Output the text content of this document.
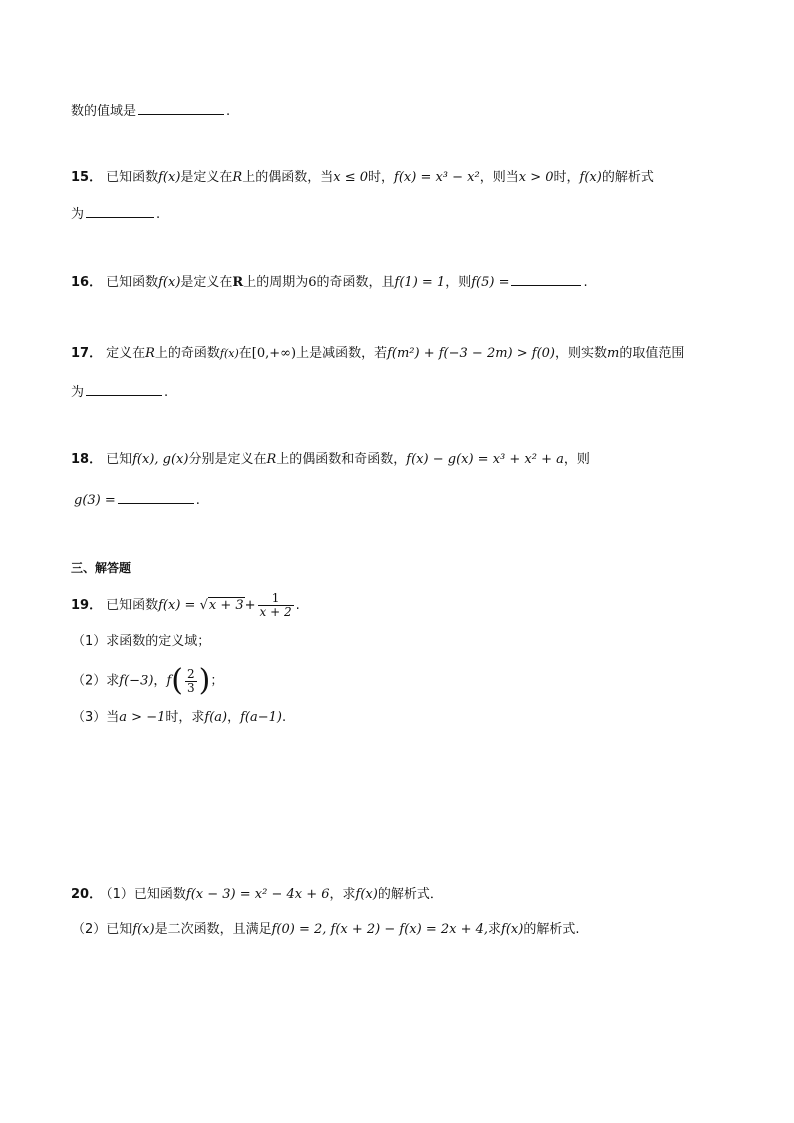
数的值域是	.
15． 已知函数f(x)是定义在R上的偶函数，当x ≤ 0时，f(x) = x³ − x²，则当x > 0时，f(x)的解析式
为	.
16． 已知函数f(x)是定义在R上的周期为6的奇函数，且f(1) = 1，则f(5) =	.
17． 定义在R上的奇函数f(x)在[0,+∞)上是减函数，若f(m²) + f(−3 − 2m) > f(0)，则实数m的取值范围
为	.
18． 已知f(x), g(x)分别是定义在R上的偶函数和奇函数，f(x) − g(x) = x³ + x² + a，则
g(3) =	.
三、解答题
19． 已知函数$f(x) = √x + 3+ \frac{1}{x + 2}$ .
（1）求函数的定义域；
（2）求f(−3)，$f( \frac{2}{3}$ )；
（3）当a > −1时，求f(a)，f(a−1).
20． （1）已知函数f(x − 3) = x² − 4x + 6，求f(x)的解析式．
（2）已知f(x)是二次函数，且满足f(0) = 2, f(x + 2) − f(x) = 2x + 4,求f(x)的解析式.
